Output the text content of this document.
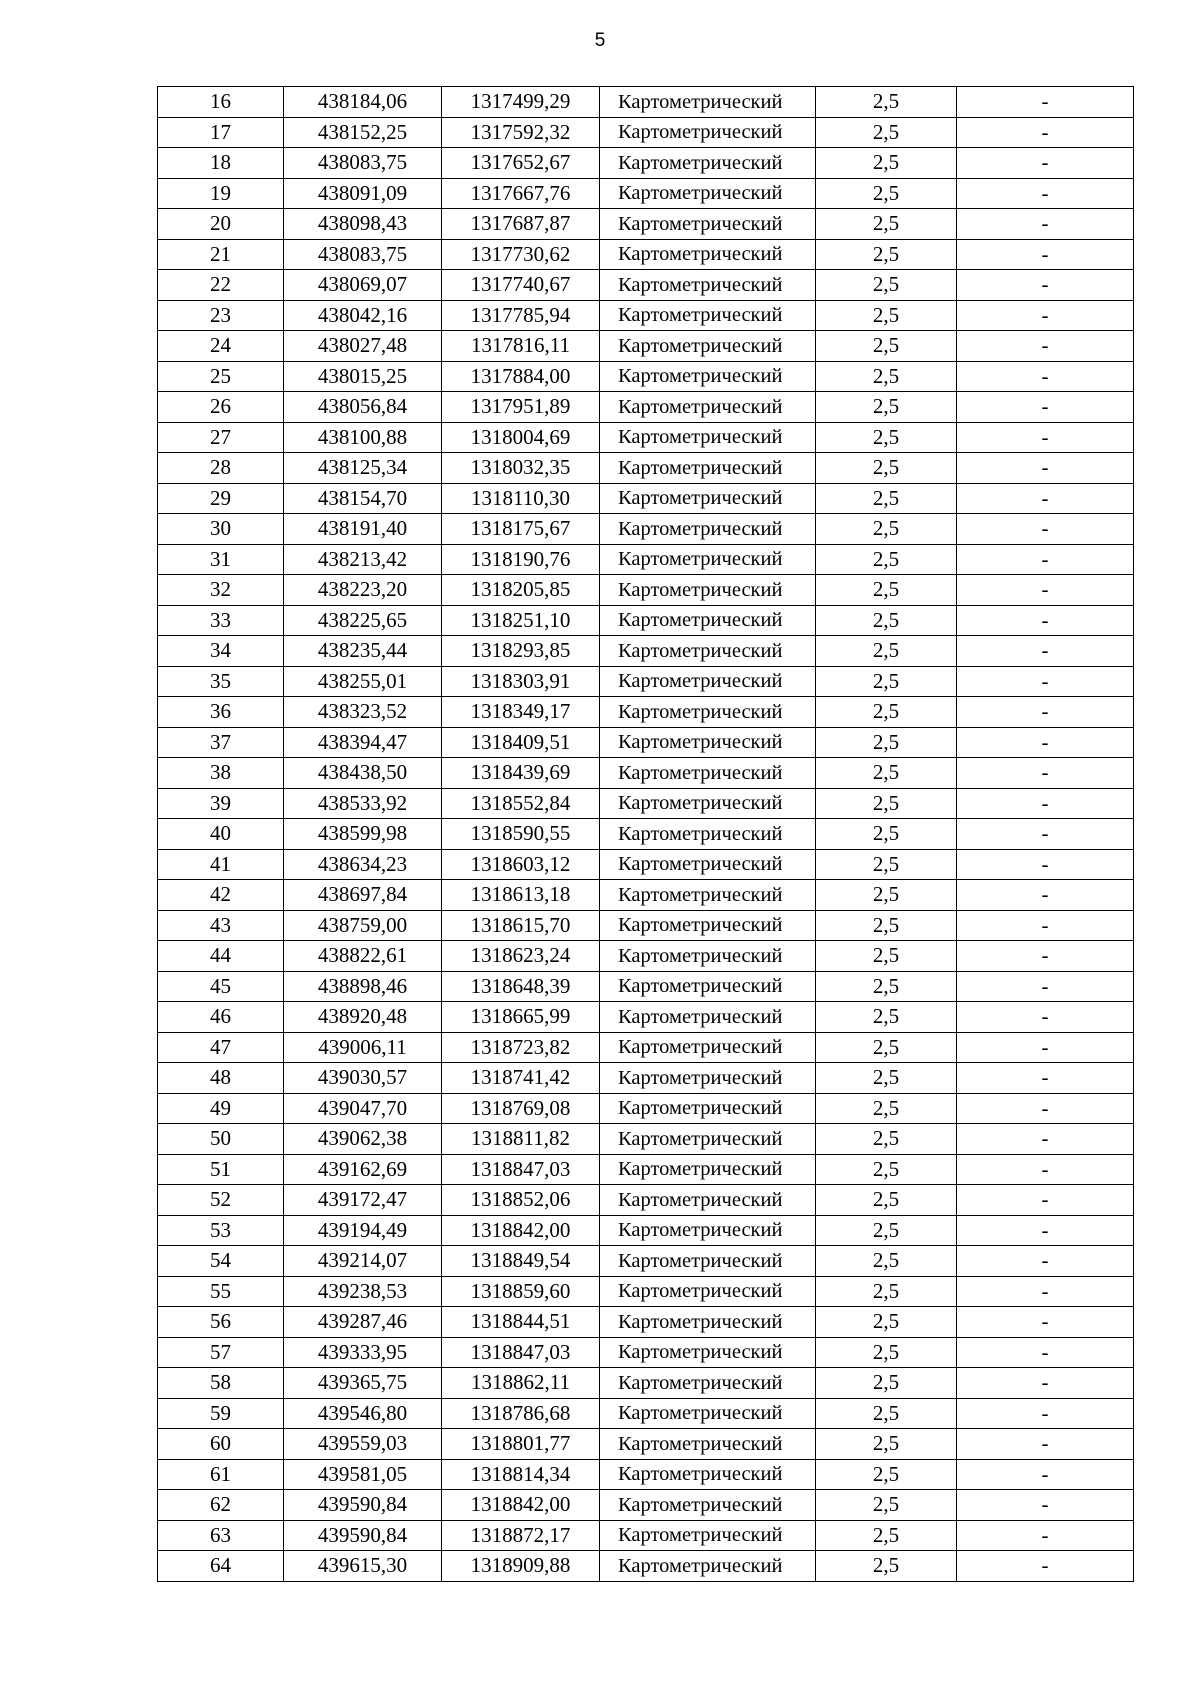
5
16	438184,06	1317499,29	Картометрический	2,5	-
17	438152,25	1317592,32	Картометрический	2,5	-
18	438083,75	1317652,67	Картометрический	2,5	-
19	438091,09	1317667,76	Картометрический	2,5	-
20	438098,43	1317687,87	Картометрический	2,5	-
21	438083,75	1317730,62	Картометрический	2,5	-
22	438069,07	1317740,67	Картометрический	2,5	-
23	438042,16	1317785,94	Картометрический	2,5	-
24	438027,48	1317816,11	Картометрический	2,5	-
25	438015,25	1317884,00	Картометрический	2,5	-
26	438056,84	1317951,89	Картометрический	2,5	-
27	438100,88	1318004,69	Картометрический	2,5	-
28	438125,34	1318032,35	Картометрический	2,5	-
29	438154,70	1318110,30	Картометрический	2,5	-
30	438191,40	1318175,67	Картометрический	2,5	-
31	438213,42	1318190,76	Картометрический	2,5	-
32	438223,20	1318205,85	Картометрический	2,5	-
33	438225,65	1318251,10	Картометрический	2,5	-
34	438235,44	1318293,85	Картометрический	2,5	-
35	438255,01	1318303,91	Картометрический	2,5	-
36	438323,52	1318349,17	Картометрический	2,5	-
37	438394,47	1318409,51	Картометрический	2,5	-
38	438438,50	1318439,69	Картометрический	2,5	-
39	438533,92	1318552,84	Картометрический	2,5	-
40	438599,98	1318590,55	Картометрический	2,5	-
41	438634,23	1318603,12	Картометрический	2,5	-
42	438697,84	1318613,18	Картометрический	2,5	-
43	438759,00	1318615,70	Картометрический	2,5	-
44	438822,61	1318623,24	Картометрический	2,5	-
45	438898,46	1318648,39	Картометрический	2,5	-
46	438920,48	1318665,99	Картометрический	2,5	-
47	439006,11	1318723,82	Картометрический	2,5	-
48	439030,57	1318741,42	Картометрический	2,5	-
49	439047,70	1318769,08	Картометрический	2,5	-
50	439062,38	1318811,82	Картометрический	2,5	-
51	439162,69	1318847,03	Картометрический	2,5	-
52	439172,47	1318852,06	Картометрический	2,5	-
53	439194,49	1318842,00	Картометрический	2,5	-
54	439214,07	1318849,54	Картометрический	2,5	-
55	439238,53	1318859,60	Картометрический	2,5	-
56	439287,46	1318844,51	Картометрический	2,5	-
57	439333,95	1318847,03	Картометрический	2,5	-
58	439365,75	1318862,11	Картометрический	2,5	-
59	439546,80	1318786,68	Картометрический	2,5	-
60	439559,03	1318801,77	Картометрический	2,5	-
61	439581,05	1318814,34	Картометрический	2,5	-
62	439590,84	1318842,00	Картометрический	2,5	-
63	439590,84	1318872,17	Картометрический	2,5	-
64	439615,30	1318909,88	Картометрический	2,5	-
